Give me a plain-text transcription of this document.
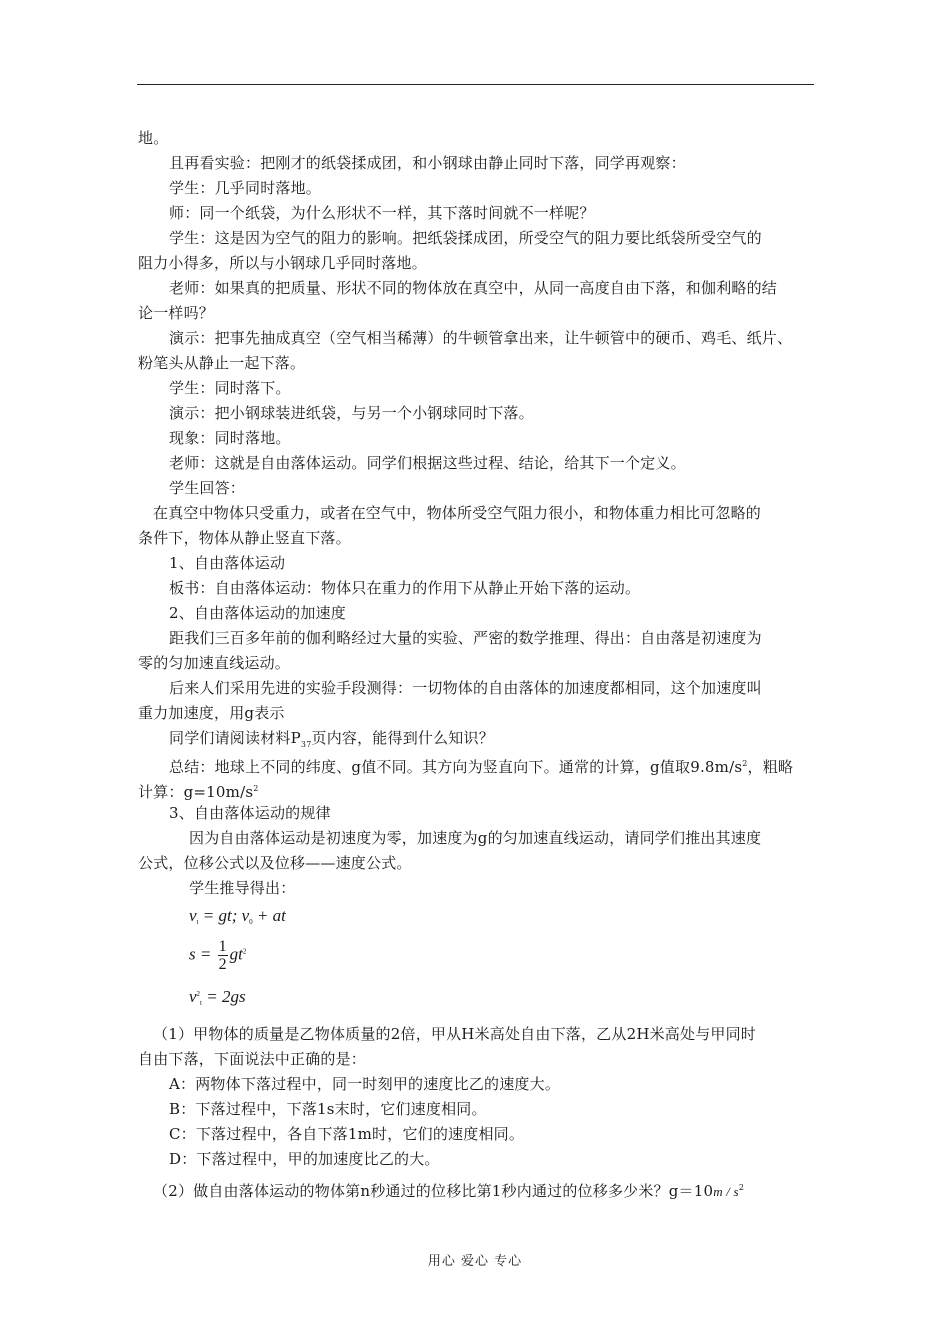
地。
且再看实验：把刚才的纸袋揉成团，和小钢球由静止同时下落，同学再观察：
学生：几乎同时落地。
师：同一个纸袋，为什么形状不一样，其下落时间就不一样呢？
学生：这是因为空气的阻力的影响。把纸袋揉成团，所受空气的阻力要比纸袋所受空气的
阻力小得多，所以与小钢球几乎同时落地。
老师：如果真的把质量、形状不同的物体放在真空中，从同一高度自由下落，和伽利略的结
论一样吗？
演示：把事先抽成真空（空气相当稀薄）的牛顿管拿出来，让牛顿管中的硬币、鸡毛、纸片、
粉笔头从静止一起下落。
学生：同时落下。
演示：把小钢球装进纸袋，与另一个小钢球同时下落。
现象：同时落地。
老师：这就是自由落体运动。同学们根据这些过程、结论，给其下一个定义。
学生回答：
在真空中物体只受重力，或者在空气中，物体所受空气阻力很小，和物体重力相比可忽略的
条件下，物体从静止竖直下落。
1、自由落体运动
板书：自由落体运动：物体只在重力的作用下从静止开始下落的运动。
2、自由落体运动的加速度
距我们三百多年前的伽利略经过大量的实验、严密的数学推理、得出：自由落是初速度为
零的匀加速直线运动。
后来人们采用先进的实验手段测得：一切物体的自由落体的加速度都相同，这个加速度叫
重力加速度，用g表示
同学们请阅读材料$P_{37}$页内容，能得到什么知识？
总结：地球上不同的纬度、g值不同。其方向为竖直向下。通常的计算，g值取$9.8m/s^2$，粗略
计算：$g=10m/s^2$
3、自由落体运动的规律
因为自由落体运动是初速度为零，加速度为g的匀加速直线运动，请同学们推出其速度
公式，位移公式以及位移——速度公式。
学生推导得出：
$v_t$ = gt; $v_0$ + at
$s = \frac{1}{2} gt^2$
$v^2_t = 2gs$
（1）甲物体的质量是乙物体质量的2倍，甲从H米高处自由下落，乙从2H米高处与甲同时
自由下落，下面说法中正确的是：
A：两物体下落过程中，同一时刻甲的速度比乙的速度大。
B：下落过程中，下落1s末时，它们速度相同。
C：下落过程中，各自下落1m时，它们的速度相同。
D：下落过程中，甲的加速度比乙的大。
（2）做自由落体运动的物体第n秒通过的位移比第1秒内通过的位移多少米？$g=10m / s^2$
用心 爱心 专心
